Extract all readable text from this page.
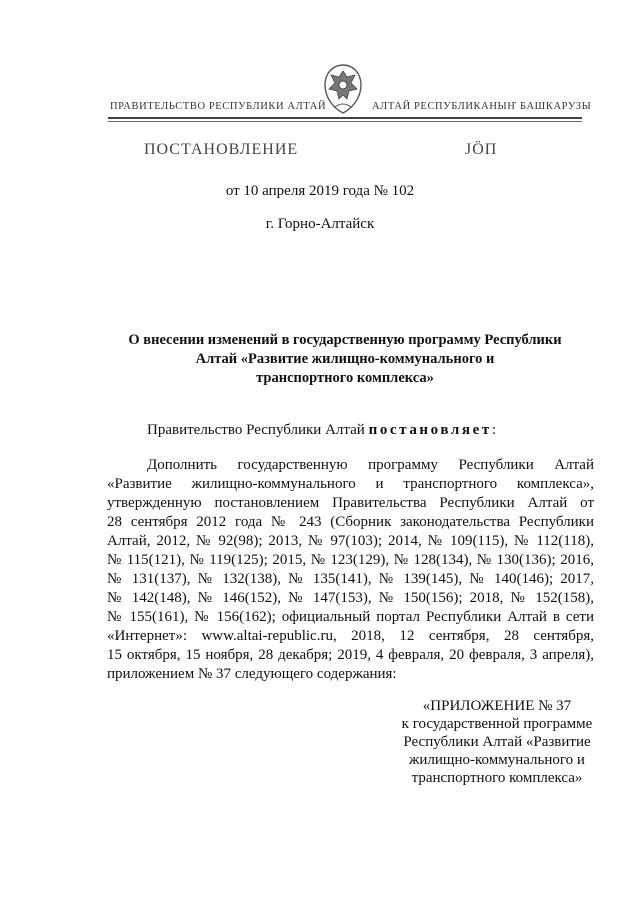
ПРАВИТЕЛЬСТВО РЕСПУБЛИКИ АЛТАЙ	АЛТАЙ РЕСПУБЛИКАНЫҤ БАШКАРУЗЫ
ПОСТАНОВЛЕНИЕ	ЈÖП
от 10 апреля 2019 года № 102
г. Горно-Алтайск
О внесении изменений в государственную программу Республики
Алтай «Развитие жилищно-коммунального и
транспортного комплекса»
Правительство Республики Алтай постановляет:
Дополнить государственную программу Республики Алтай
«Развитие жилищно-коммунального и транспортного комплекса»,
утвержденную постановлением Правительства Республики Алтай от
28 сентября 2012 года № 243 (Сборник законодательства Республики
Алтай, 2012, № 92(98); 2013, № 97(103); 2014, № 109(115), № 112(118),
№ 115(121), № 119(125); 2015, № 123(129), № 128(134), № 130(136); 2016,
№ 131(137), № 132(138), № 135(141), № 139(145), № 140(146); 2017,
№ 142(148), № 146(152), № 147(153), № 150(156); 2018, № 152(158),
№ 155(161), № 156(162); официальный портал Республики Алтай в сети
«Интернет»: www.altai-republic.ru, 2018, 12 сентября, 28 сентября,
15 октября, 15 ноября, 28 декабря; 2019, 4 февраля, 20 февраля, 3 апреля),
приложением № 37 следующего содержания:
«ПРИЛОЖЕНИЕ № 37
к государственной программе
Республики Алтай «Развитие
жилищно-коммунального и
транспортного комплекса»
